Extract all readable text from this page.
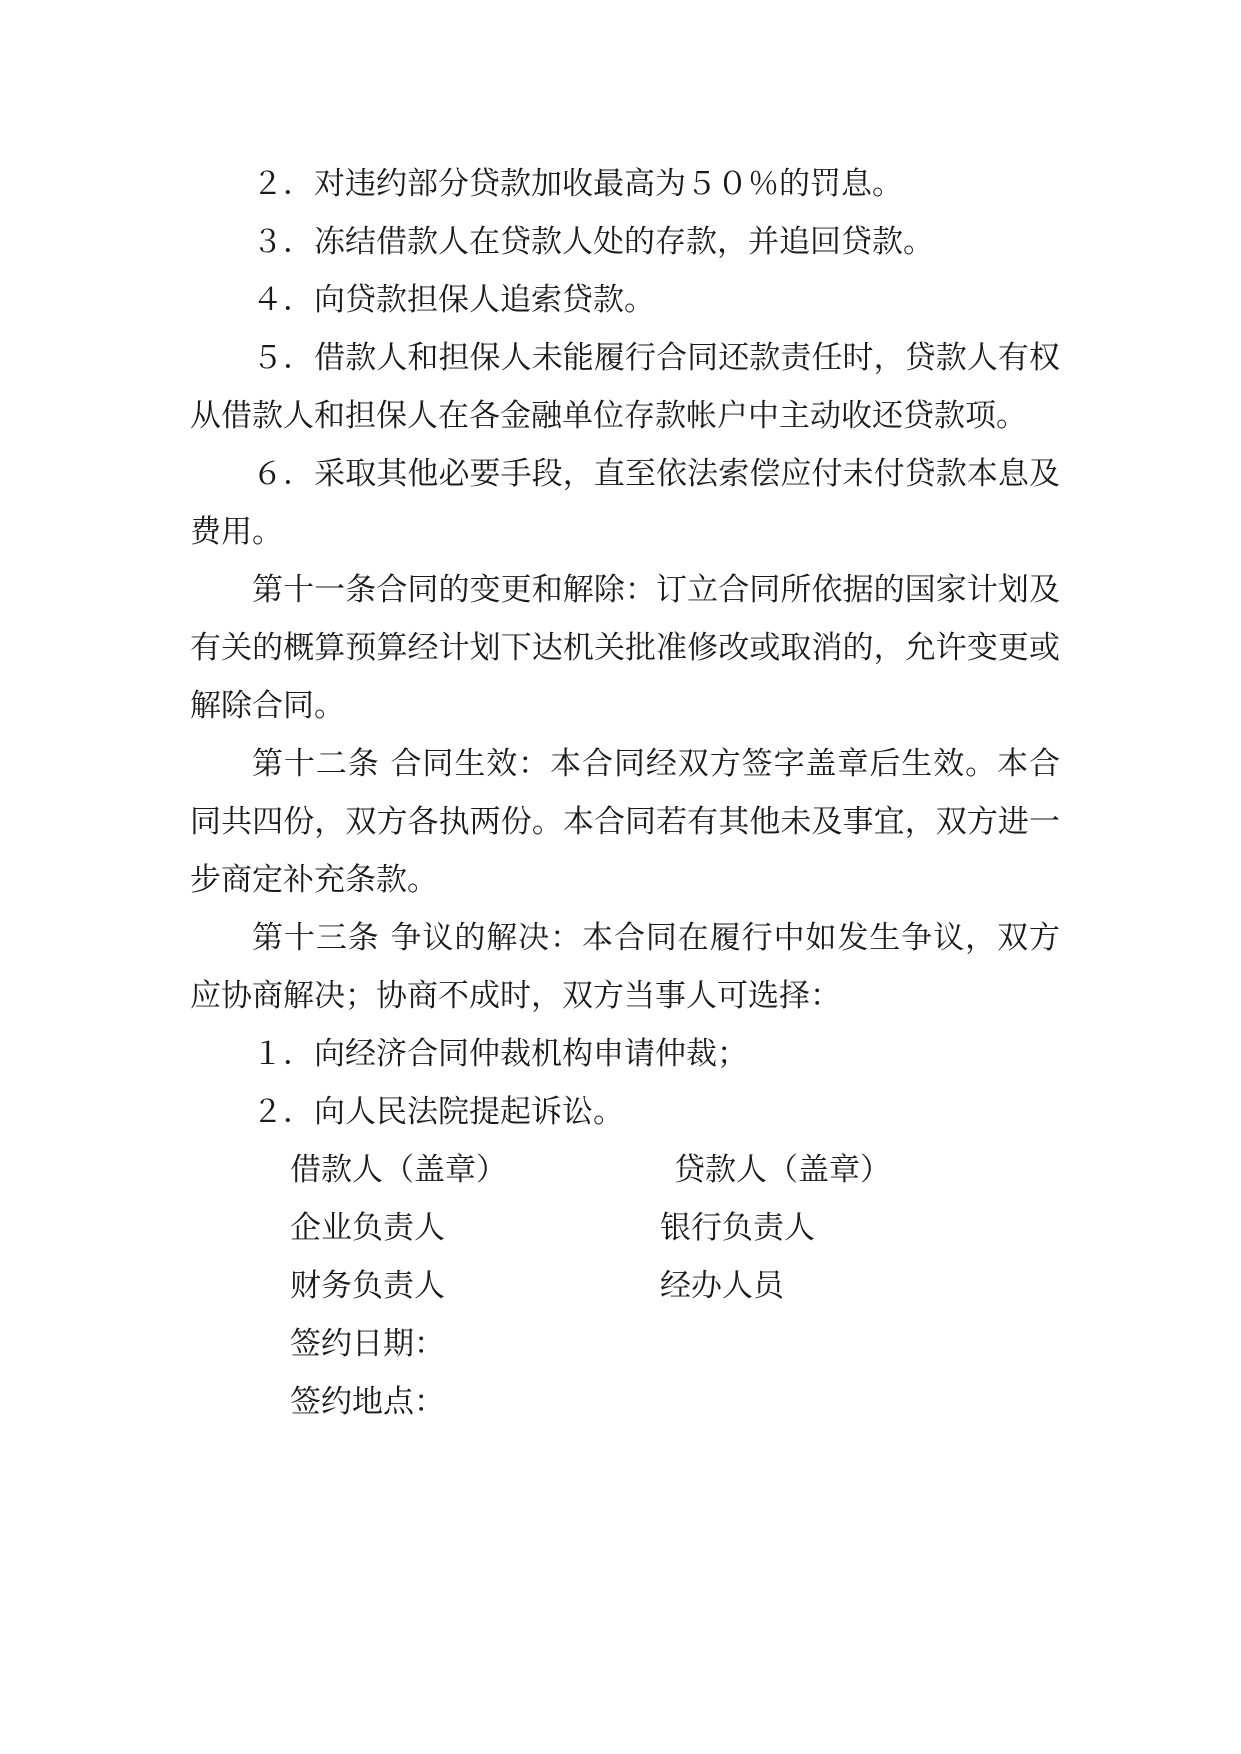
２．对违约部分贷款加收最高为５０％的罚息。

３．冻结借款人在贷款人处的存款，并追回贷款。

４．向贷款担保人追索贷款。

５．借款人和担保人未能履行合同还款责任时，贷款人有权从借款人和担保人在各金融单位存款帐户中主动收还贷款项。

６．采取其他必要手段，直至依法索偿应付未付贷款本息及费用。

第十一条合同的变更和解除：订立合同所依据的国家计划及有关的概算预算经计划下达机关批准修改或取消的，允许变更或解除合同。

第十二条 合同生效：本合同经双方签字盖章后生效。本合同共四份，双方各执两份。本合同若有其他未及事宜，双方进一步商定补充条款。

第十三条 争议的解决：本合同在履行中如发生争议，双方应协商解决；协商不成时，双方当事人可选择：

１．向经济合同仲裁机构申请仲裁；

２．向人民法院提起诉讼。

借款人（盖章）	贷款人（盖章）
企业负责人	银行负责人
财务负责人	经办人员
签约日期：
签约地点：
